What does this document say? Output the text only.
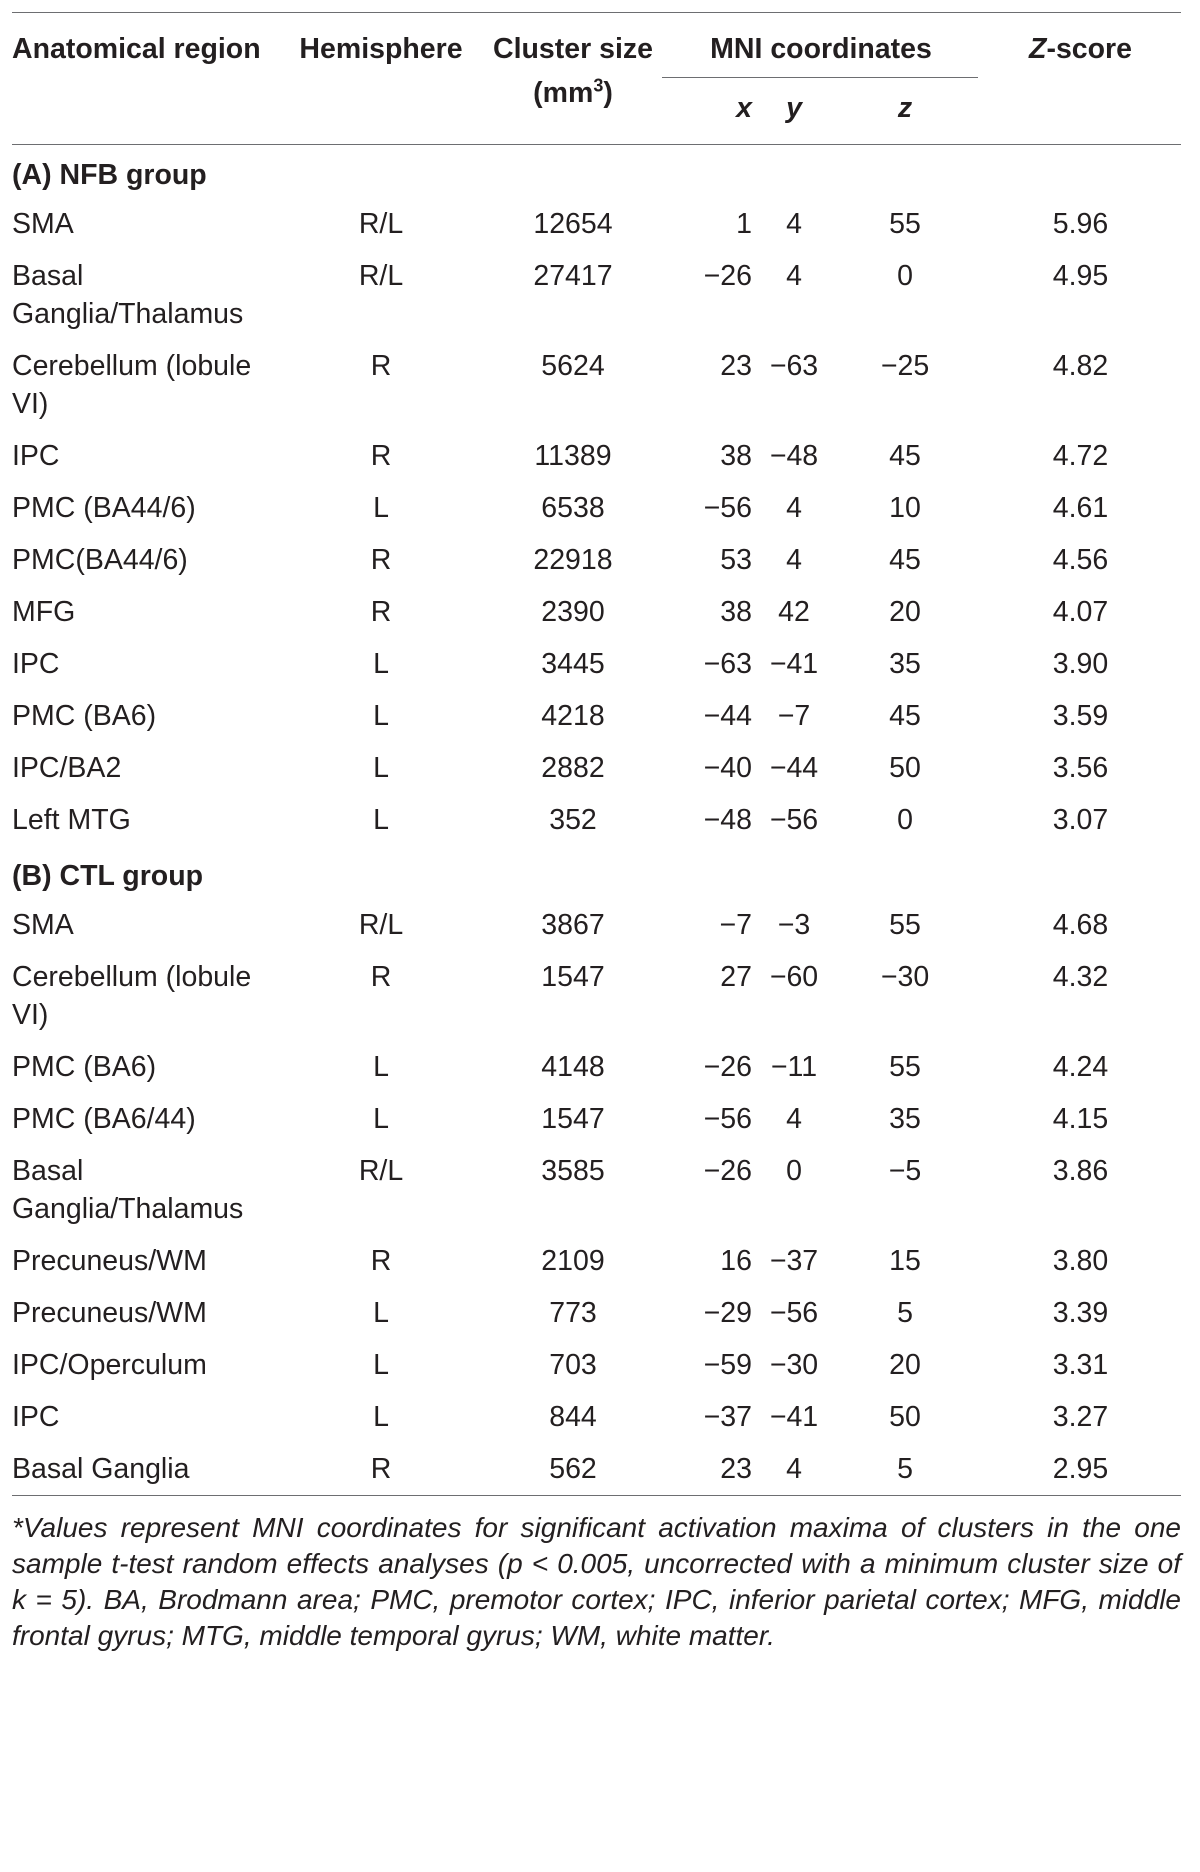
Anatomical region	Hemisphere	Cluster size
$(mm^3)$	MNI coordinates			Z-score
			x	y	z	

(A) NFB group						
SMA	R/L	12654	1	4	55	5.96
Basal Ganglia/Thalamus	R/L	27417	−26	4	0	4.95
Cerebellum (lobule VI)	R	5624	23	−63	−25	4.82
IPC	R	11389	38	−48	45	4.72
PMC (BA44/6)	L	6538	−56	4	10	4.61
PMC(BA44/6)	R	22918	53	4	45	4.56
MFG	R	2390	38	42	20	4.07
IPC	L	3445	−63	−41	35	3.90
PMC (BA6)	L	4218	−44	−7	45	3.59
IPC/BA2	L	2882	−40	−44	50	3.56
Left MTG	L	352	−48	−56	0	3.07
(B) CTL group						
SMA	R/L	3867	−7	−3	55	4.68
Cerebellum (lobule VI)	R	1547	27	−60	−30	4.32
PMC (BA6)	L	4148	−26	−11	55	4.24
PMC (BA6/44)	L	1547	−56	4	35	4.15
Basal Ganglia/Thalamus	R/L	3585	−26	0	−5	3.86
Precuneus/WM	R	2109	16	−37	15	3.80
Precuneus/WM	L	773	−29	−56	5	3.39
IPC/Operculum	L	703	−59	−30	20	3.31
IPC	L	844	−37	−41	50	3.27
Basal Ganglia	R	562	23	4	5	2.95
*Values represent MNI coordinates for significant activation maxima of clusters in the one sample t-test random effects analyses (p < 0.005, uncorrected with a minimum cluster size of k = 5). BA, Brodmann area; PMC, premotor cortex; IPC, inferior parietal cortex; MFG, middle frontal gyrus; MTG, middle temporal gyrus; WM, white matter.
